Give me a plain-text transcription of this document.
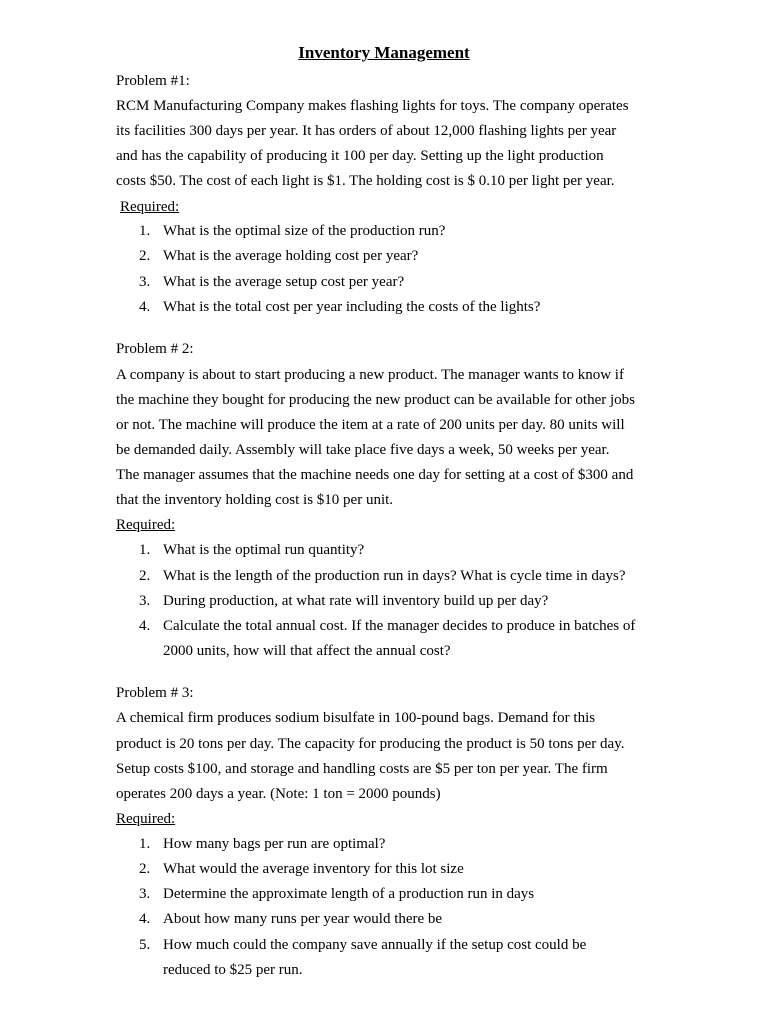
Inventory Management
Problem #1:
RCM Manufacturing Company makes flashing lights for toys. The company operates
its facilities 300 days per year. It has orders of about 12,000 flashing lights per year
and has the capability of producing it 100 per day. Setting up the light production
costs $50. The cost of each light is $1. The holding cost is $ 0.10 per light per year.
Required:
1. What is the optimal size of the production run?
2. What is the average holding cost per year?
3. What is the average setup cost per year?
4. What is the total cost per year including the costs of the lights?
Problem # 2:
A company is about to start producing a new product. The manager wants to know if
the machine they bought for producing the new product can be available for other jobs
or not. The machine will produce the item at a rate of 200 units per day. 80 units will
be demanded daily. Assembly will take place five days a week, 50 weeks per year.
The manager assumes that the machine needs one day for setting at a cost of $300 and
that the inventory holding cost is $10 per unit.
Required:
1. What is the optimal run quantity?
2. What is the length of the production run in days? What is cycle time in days?
3. During production, at what rate will inventory build up per day?
4. Calculate the total annual cost. If the manager decides to produce in batches of
2000 units, how will that affect the annual cost?
Problem # 3:
A chemical firm produces sodium bisulfate in 100-pound bags. Demand for this
product is 20 tons per day. The capacity for producing the product is 50 tons per day.
Setup costs $100, and storage and handling costs are $5 per ton per year. The firm
operates 200 days a year. (Note: 1 ton = 2000 pounds)
Required:
1. How many bags per run are optimal?
2. What would the average inventory for this lot size
3. Determine the approximate length of a production run in days
4. About how many runs per year would there be
5. How much could the company save annually if the setup cost could be
reduced to $25 per run.
